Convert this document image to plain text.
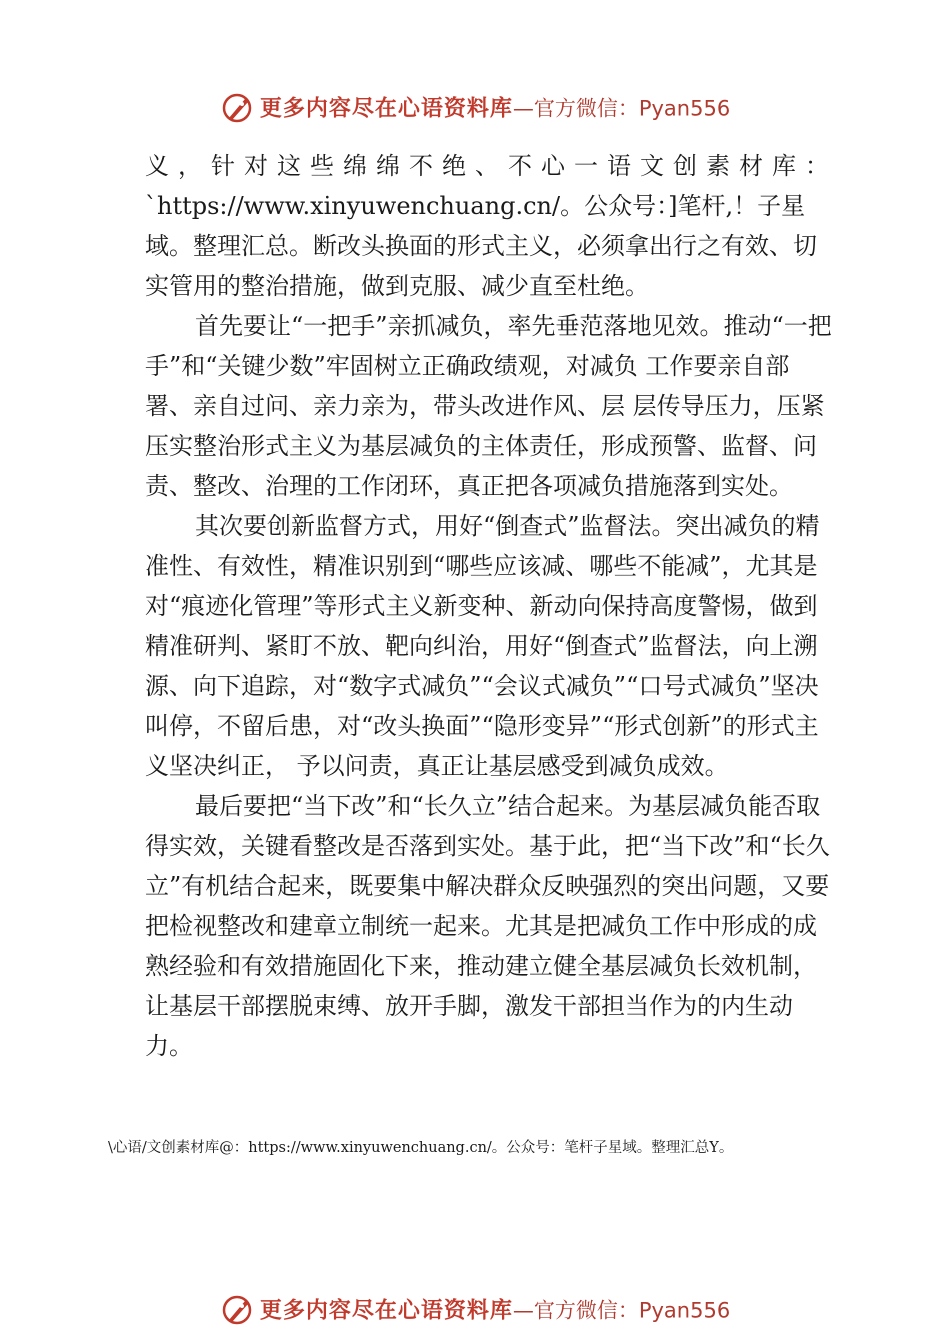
更多内容尽在心语资料库—官方微信：Pyan556

义，针对这些绵绵不绝、不心一语文创素材库：
`https://www.xinyuwenchuang.cn/。公众号：]笔杆,！子星域。整理汇总。断改头换面的形式主义，必须拿出行之有效、切实管用的整治措施，做到克服、减少直至杜绝。

首先要让“一把手”亲抓减负，率先垂范落地见效。推动“一把手”和“关键少数”牢固树立正确政绩观，对减负 工作要亲自部署、亲自过问、亲力亲为，带头改进作风、层 层传导压力，压紧压实整治形式主义为基层减负的主体责任，形成预警、监督、问责、整改、治理的工作闭环，真正把各项减负措施落到实处。

其次要创新监督方式，用好“倒查式”监督法。突出减负的精准性、有效性，精准识别到“哪些应该减、哪些不能减”，尤其是对“痕迹化管理”等形式主义新变种、新动向保持高度警惕，做到精准研判、紧盯不放、靶向纠治，用好“倒查式”监督法，向上溯源、向下追踪，对“数字式减负”“会议式减负”“口号式减负”坚决叫停，不留后患，对“改头换面”“隐形变异”“形式创新”的形式主义坚决纠正， 予以问责，真正让基层感受到减负成效。

最后要把“当下改”和“长久立”结合起来。为基层减负能否取得实效，关键看整改是否落到实处。基于此，把“当下改”和“长久立”有机结合起来，既要集中解决群众反映强烈的突出问题，又要把检视整改和建章立制统一起来。尤其是把减负工作中形成的成熟经验和有效措施固化下来，推动建立健全基层减负长效机制，让基层干部摆脱束缚、放开手脚，激发干部担当作为的内生动力。

\心语/文创素材库@：https://www.xinyuwenchuang.cn/。公众号：笔杆子星域。整理汇总Y。
更多内容尽在心语资料库—官方微信：Pyan556
